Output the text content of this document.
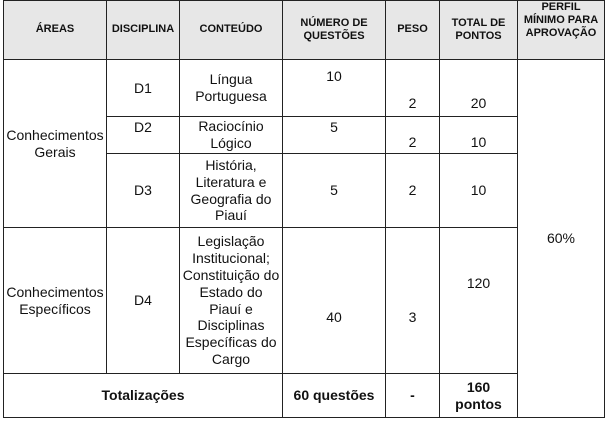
ÁREAS	DISCIPLINA	CONTEÚDO	NÚMERO DE QUESTÕES	PESO	TOTAL DE PONTOS	PERFIL MÍNIMO PARA APROVAÇÃO
Conhecimentos Gerais	D1	Língua Portuguesa	10	2	20	60%
	D2	Raciocínio Lógico	5	2	10	
	D3	História, Literatura e Geografia do Piauí	5	2	10	
Conhecimentos Específicos	D4	Legislação Institucional; Constituição do Estado do Piauí e Disciplinas Específicas do Cargo	40	3	120	
Totalizações			60 questões	-	160 pontos	
